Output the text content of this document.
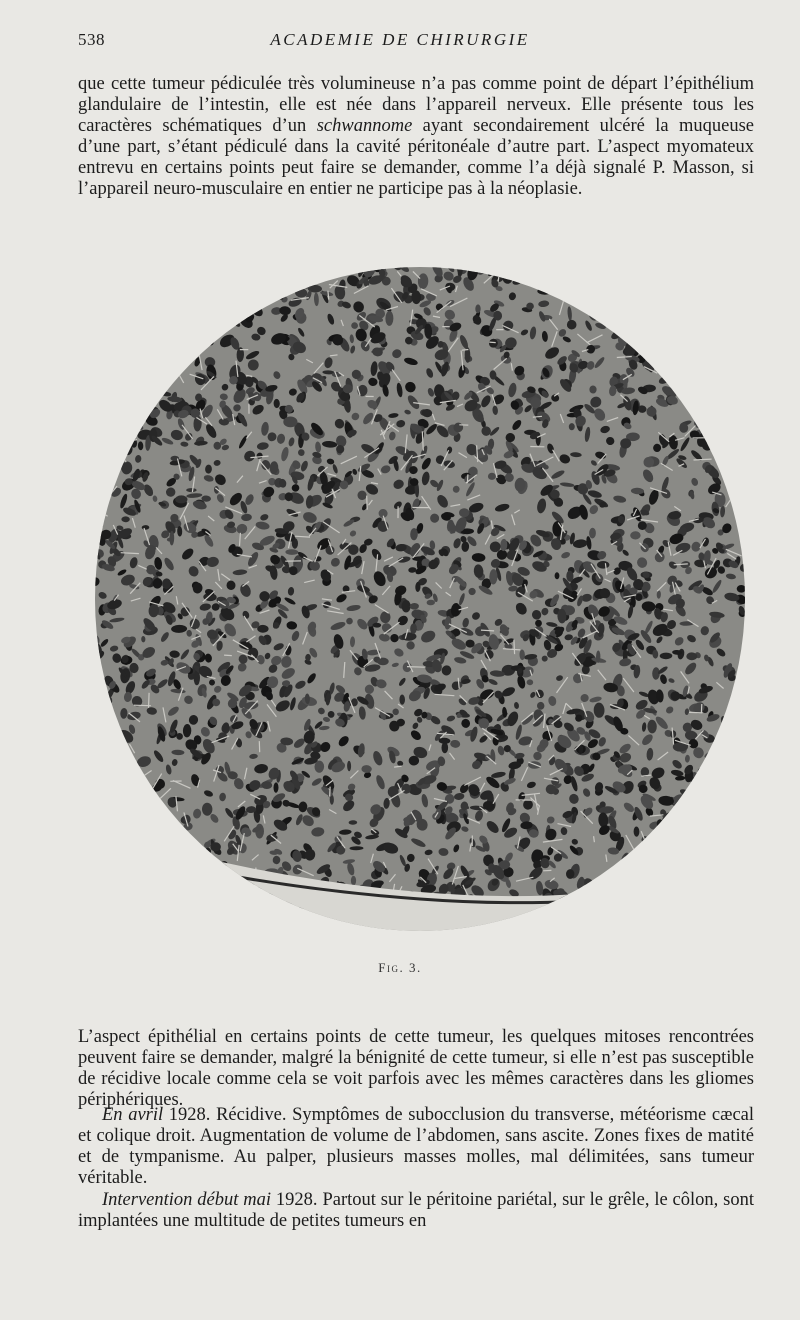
538	ACADEMIE DE CHIRURGIE

que cette tumeur pédiculée très volumineuse n’a pas comme point de départ l’épithélium glandulaire de l’intestin, elle est née dans l’appareil nerveux. Elle présente tous les caractères schématiques d’un schwannome ayant secondairement ulcéré la muqueuse d’une part, s’étant pédiculé dans la cavité péritonéale d’autre part. L’aspect myomateux entrevu en certains points peut faire se demander, comme l’a déjà signalé P. Masson, si l’appareil neuro-musculaire en entier ne participe pas à la néoplasie.

Fig. 3.

L’aspect épithélial en certains points de cette tumeur, les quelques mitoses rencontrées peuvent faire se demander, malgré la bénignité de cette tumeur, si elle n’est pas susceptible de récidive locale comme cela se voit parfois avec les mêmes caractères dans les gliomes périphériques.

En avril 1928. Récidive. Symptômes de subocclusion du transverse, météorisme cæcal et colique droit. Augmentation de volume de l’abdomen, sans ascite. Zones fixes de matité et de tympanisme. Au palper, plusieurs masses molles, mal délimitées, sans tumeur véritable.

Intervention début mai 1928. Partout sur le péritoine pariétal, sur le grêle, le côlon, sont implantées une multitude de petites tumeurs en
